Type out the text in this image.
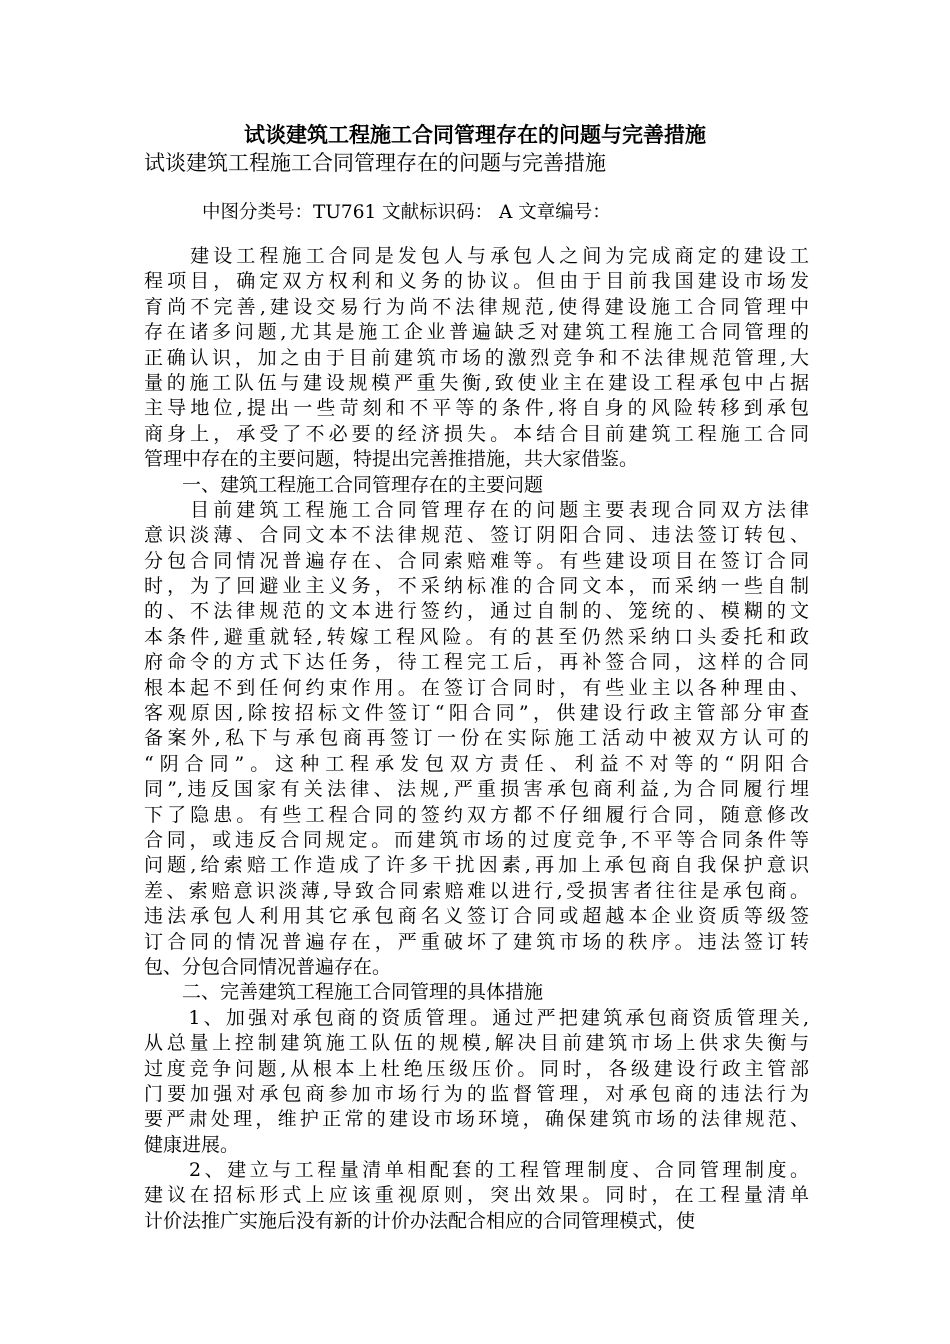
试谈建筑工程施工合同管理存在的问题与完善措施
试谈建筑工程施工合同管理存在的问题与完善措施
中图分类号：TU761 文献标识码： A 文章编号：
　　建设工程施工合同是发包人与承包人之间为完成商定的建设工
程项目，确定双方权利和义务的协议。但由于目前我国建设市场发
育尚不完善,建设交易行为尚不法律规范,使得建设施工合同管理中
存在诸多问题,尤其是施工企业普遍缺乏对建筑工程施工合同管理的
正确认识，加之由于目前建筑市场的激烈竞争和不法律规范管理,大
量的施工队伍与建设规模严重失衡,致使业主在建设工程承包中占据
主导地位,提出一些苛刻和不平等的条件,将自身的风险转移到承包
商身上，承受了不必要的经济损失。本结合目前建筑工程施工合同
管理中存在的主要问题，特提出完善推措施，共大家借鉴。
　　一、建筑工程施工合同管理存在的主要问题
　　目前建筑工程施工合同管理存在的问题主要表现合同双方法律
意识淡薄、合同文本不法律规范、签订阴阳合同、违法签订转包、
分包合同情况普遍存在、合同索赔难等。有些建设项目在签订合同
时，为了回避业主义务，不采纳标准的合同文本，而采纳一些自制
的、不法律规范的文本进行签约，通过自制的、笼统的、模糊的文
本条件,避重就轻,转嫁工程风险。有的甚至仍然采纳口头委托和政
府命令的方式下达任务，待工程完工后，再补签合同，这样的合同
根本起不到任何约束作用。在签订合同时，有些业主以各种理由、
客观原因,除按招标文件签订“阳合同”，供建设行政主管部分审查
备案外,私下与承包商再签订一份在实际施工活动中被双方认可的
“阴合同”。这种工程承发包双方责任、利益不对等的“阴阳合
同”,违反国家有关法律、法规,严重损害承包商利益,为合同履行埋
下了隐患。有些工程合同的签约双方都不仔细履行合同，随意修改
合同，或违反合同规定。而建筑市场的过度竞争,不平等合同条件等
问题,给索赔工作造成了许多干扰因素,再加上承包商自我保护意识
差、索赔意识淡薄,导致合同索赔难以进行,受损害者往往是承包商。
违法承包人利用其它承包商名义签订合同或超越本企业资质等级签
订合同的情况普遍存在，严重破坏了建筑市场的秩序。违法签订转
包、分包合同情况普遍存在。
　　二、完善建筑工程施工合同管理的具体措施
　　1、加强对承包商的资质管理。通过严把建筑承包商资质管理关,
从总量上控制建筑施工队伍的规模,解决目前建筑市场上供求失衡与
过度竞争问题,从根本上杜绝压级压价。同时，各级建设行政主管部
门要加强对承包商参加市场行为的监督管理，对承包商的违法行为
要严肃处理，维护正常的建设市场环境，确保建筑市场的法律规范、
健康进展。
　　2、建立与工程量清单相配套的工程管理制度、合同管理制度。
建议在招标形式上应该重视原则，突出效果。同时，在工程量清单
计价法推广实施后没有新的计价办法配合相应的合同管理模式，使
